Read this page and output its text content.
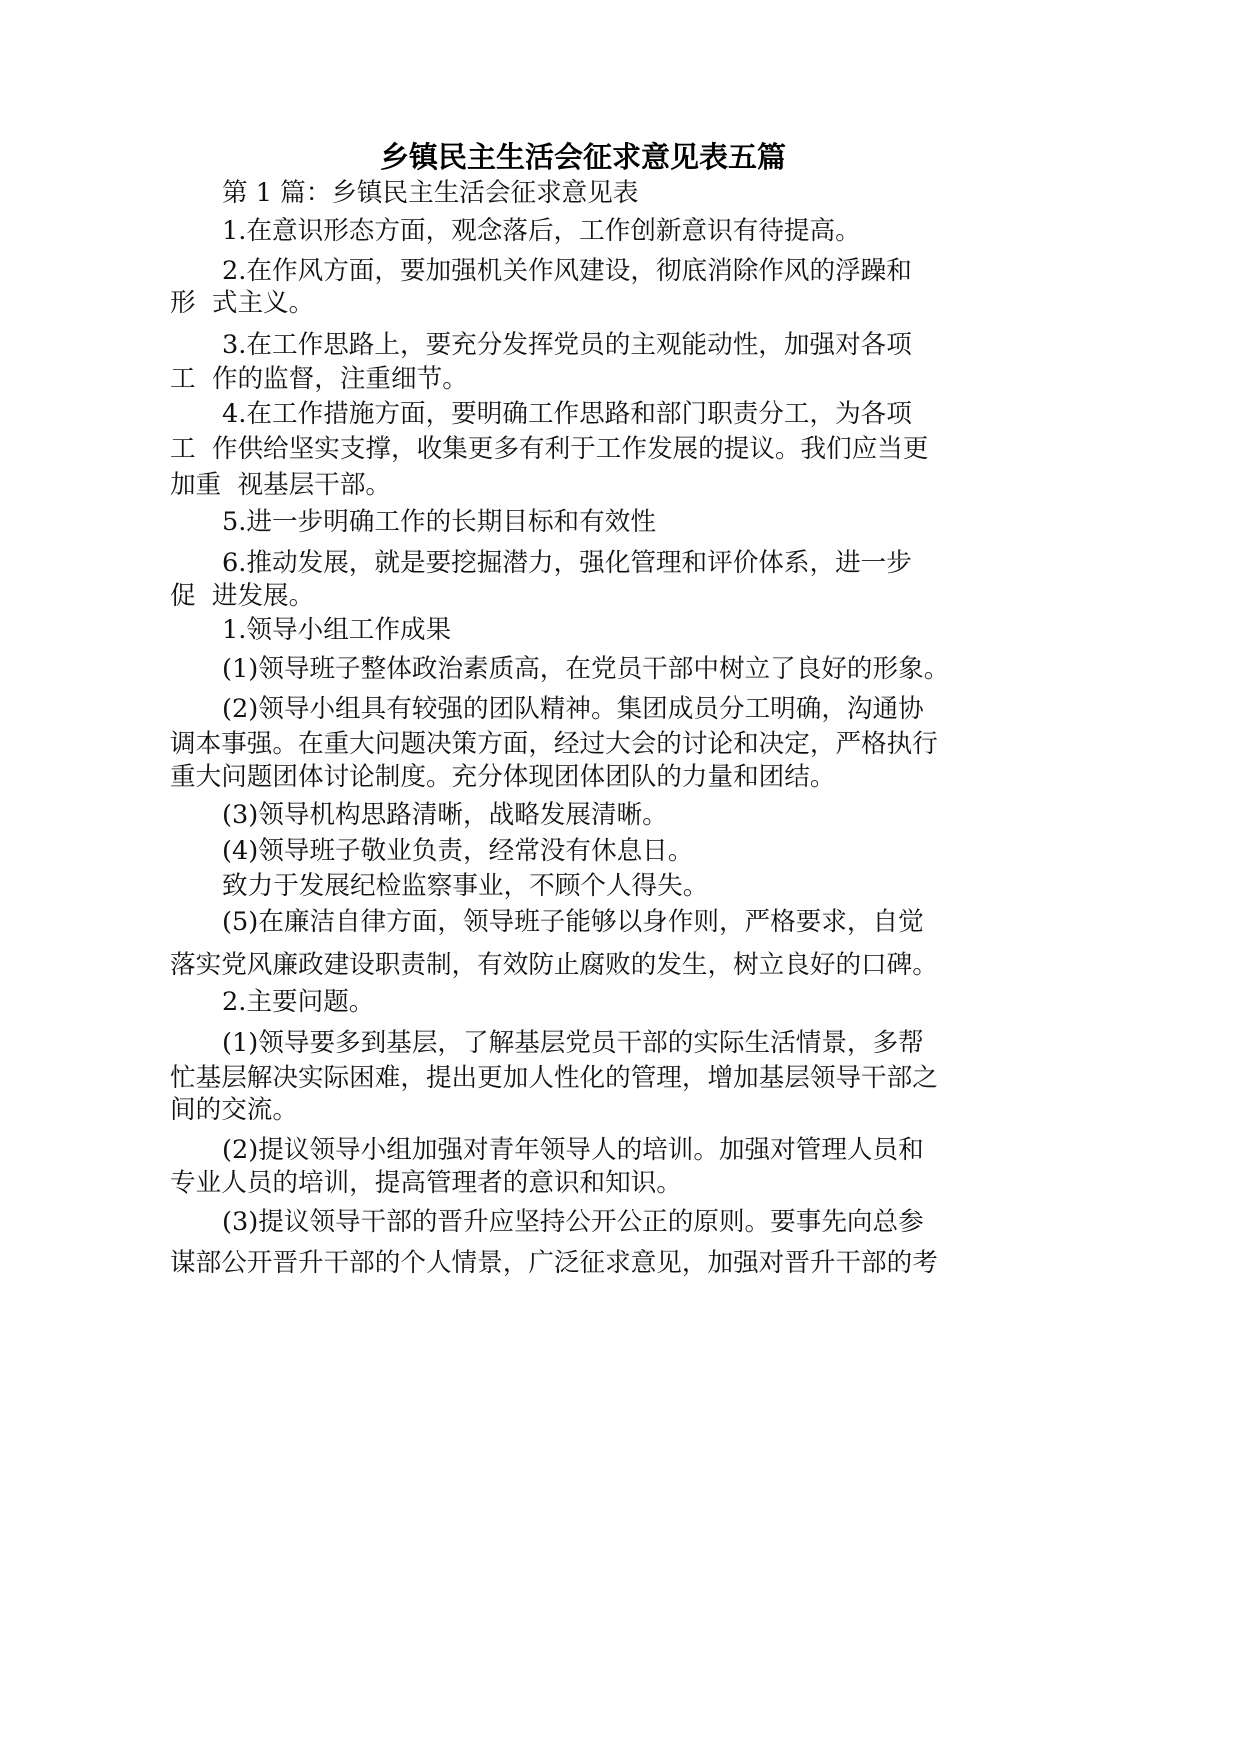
乡镇民主生活会征求意见表五篇
第 1 篇：乡镇民主生活会征求意见表
1.在意识形态方面，观念落后，工作创新意识有待提高。
2.在作风方面，要加强机关作风建设，彻底消除作风的浮躁和
形  式主义。
3.在工作思路上，要充分发挥党员的主观能动性，加强对各项
工  作的监督，注重细节。
4.在工作措施方面，要明确工作思路和部门职责分工，为各项
工  作供给坚实支撑，收集更多有利于工作发展的提议。我们应当更
加重  视基层干部。
5.进一步明确工作的长期目标和有效性
6.推动发展，就是要挖掘潜力，强化管理和评价体系，进一步
促  进发展。
1.领导小组工作成果
(1)领导班子整体政治素质高，在党员干部中树立了良好的形象。
(2)领导小组具有较强的团队精神。集团成员分工明确，沟通协
调本事强。在重大问题决策方面，经过大会的讨论和决定，严格执行
重大问题团体讨论制度。充分体现团体团队的力量和团结。
(3)领导机构思路清晰，战略发展清晰。
(4)领导班子敬业负责，经常没有休息日。
致力于发展纪检监察事业，不顾个人得失。
(5)在廉洁自律方面，领导班子能够以身作则，严格要求，自觉
落实党风廉政建设职责制，有效防止腐败的发生，树立良好的口碑。
2.主要问题。
(1)领导要多到基层，了解基层党员干部的实际生活情景，多帮
忙基层解决实际困难，提出更加人性化的管理，增加基层领导干部之
间的交流。
(2)提议领导小组加强对青年领导人的培训。加强对管理人员和
专业人员的培训，提高管理者的意识和知识。
(3)提议领导干部的晋升应坚持公开公正的原则。要事先向总参
谋部公开晋升干部的个人情景，广泛征求意见，加强对晋升干部的考
